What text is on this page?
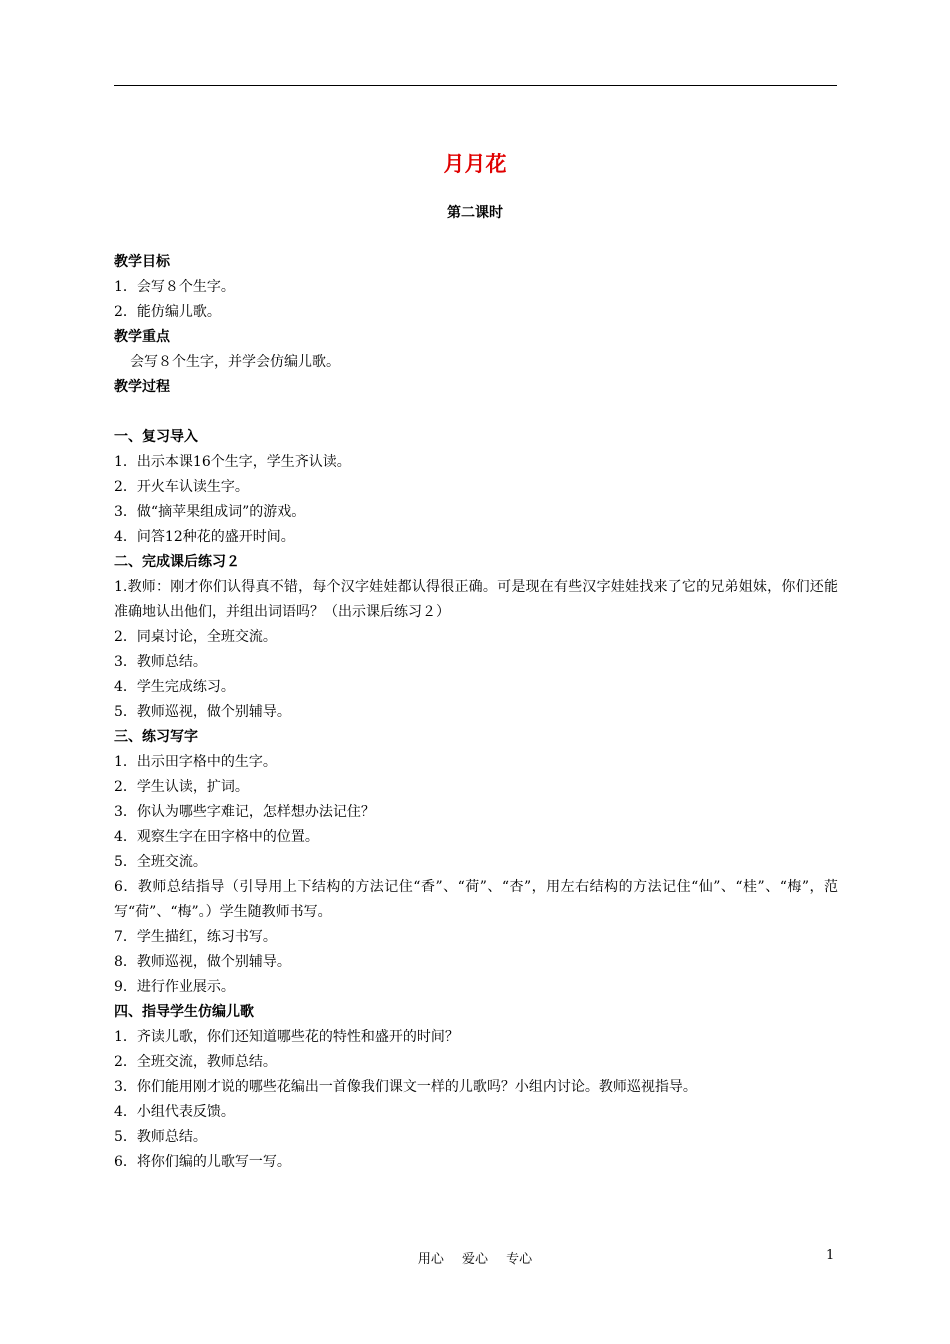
月月花
第二课时
教学目标
1．会写８个生字。
2．能仿编儿歌。
教学重点
会写８个生字，并学会仿编儿歌。
教学过程
一、复习导入
1．出示本课16个生字，学生齐认读。
2．开火车认读生字。
3．做“摘苹果组成词”的游戏。
4．问答12种花的盛开时间。
二、完成课后练习２
1.教师：刚才你们认得真不错，每个汉字娃娃都认得很正确。可是现在有些汉字娃娃找来了它的兄弟姐妹，你们还能准确地认出他们，并组出词语吗？（出示课后练习２）
2．同桌讨论，全班交流。
3．教师总结。
4．学生完成练习。
5．教师巡视，做个别辅导。
三、练习写字
1．出示田字格中的生字。
2．学生认读，扩词。
3．你认为哪些字难记，怎样想办法记住？
4．观察生字在田字格中的位置。
5．全班交流。
6．教师总结指导（引导用上下结构的方法记住“香”、“荷”、“杏”，用左右结构的方法记住“仙”、“桂”、“梅”，范写“荷”、“梅”。）学生随教师书写。
7．学生描红，练习书写。
8．教师巡视，做个别辅导。
9．进行作业展示。
四、指导学生仿编儿歌
1．齐读儿歌，你们还知道哪些花的特性和盛开的时间？
2．全班交流，教师总结。
3．你们能用刚才说的哪些花编出一首像我们课文一样的儿歌吗？小组内讨论。教师巡视指导。
4．小组代表反馈。
5．教师总结。
6．将你们编的儿歌写一写。
用心 爱心 专心	1
